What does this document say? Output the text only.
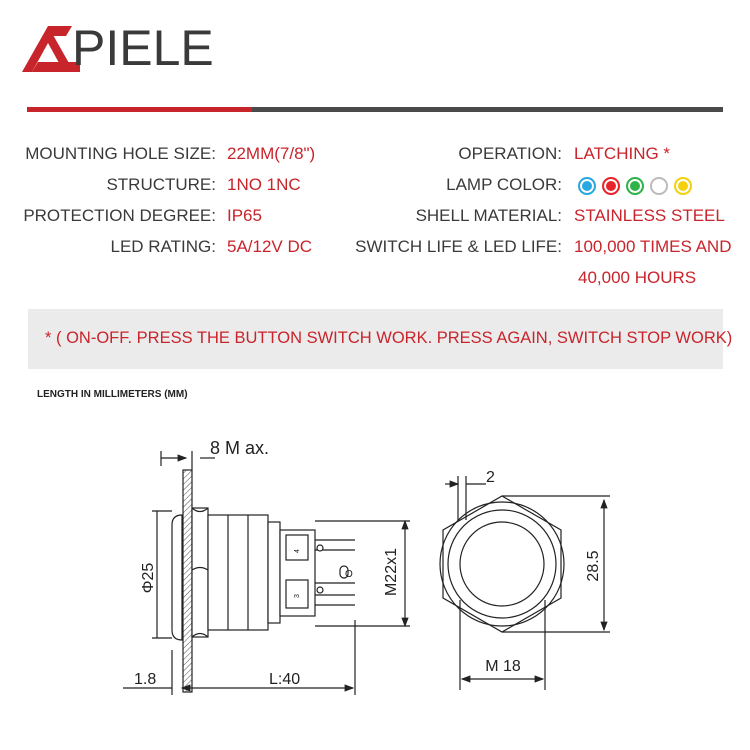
PIELE
MOUNTING HOLE SIZE: 22MM(7/8")
STRUCTURE: 1NO 1NC
PROTECTION DEGREE: IP65
LED RATING: 5A/12V DC
OPERATION: LATCHING *
LAMP COLOR:
SHELL MATERIAL: STAINLESS STEEL
SWITCH LIFE & LED LIFE: 100,000 TIMES AND
40,000 HOURS
* ( ON-OFF. PRESS THE BUTTON SWITCH WORK. PRESS AGAIN, SWITCH STOP WORK)
LENGTH IN MILLIMETERS (MM)
4
3
8 M ax.
Φ25	M22x1
1.8	L:40
O
2
28.5
M 18
